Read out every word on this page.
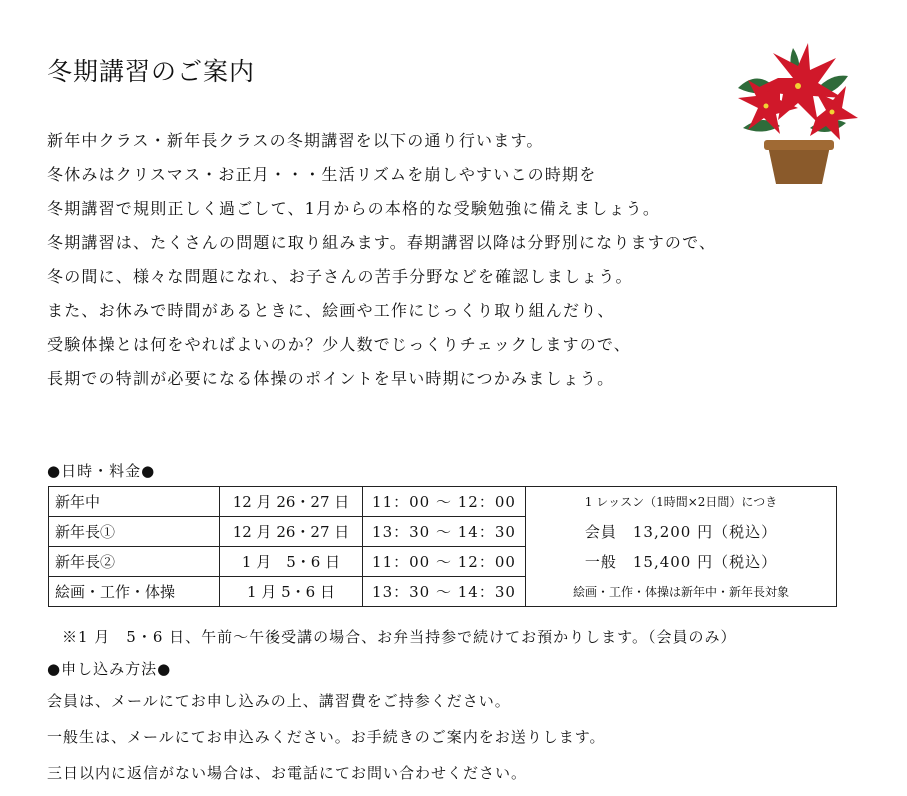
冬期講習のご案内
新年中クラス・新年長クラスの冬期講習を以下の通り行います。
冬休みはクリスマス・お正月・・・生活リズムを崩しやすいこの時期を
冬期講習で規則正しく過ごして、1月からの本格的な受験勉強に備えましょう。
冬期講習は、たくさんの問題に取り組みます。春期講習以降は分野別になりますので、
冬の間に、様々な問題になれ、お子さんの苦手分野などを確認しましょう。
また、お休みで時間があるときに、絵画や工作にじっくり取り組んだり、
受験体操とは何をやればよいのか？少人数でじっくりチェックしますので、
長期での特訓が必要になる体操のポイントを早い時期につかみましょう。
●日時・料金●
新年中	12 月 26・27 日	11：00 ～ 12：00	1 レッスン（1時間×2日間）につき
新年長①	12 月 26・27 日	13：30 ～ 14：30	会員　13,200 円（税込）
新年長②	1 月　5・6 日	11：00 ～ 12：00	一般　15,400 円（税込）
絵画・工作・体操	1 月 5・6 日	13：30 ～ 14：30	絵画・工作・体操は新年中・新年長対象
※1 月　5・6 日、午前～午後受講の場合、お弁当持参で続けてお預かりします。（会員のみ）
●申し込み方法●
会員は、メールにてお申し込みの上、講習費をご持参ください。
一般生は、メールにてお申込みください。お手続きのご案内をお送りします。
三日以内に返信がない場合は、お電話にてお問い合わせください。
